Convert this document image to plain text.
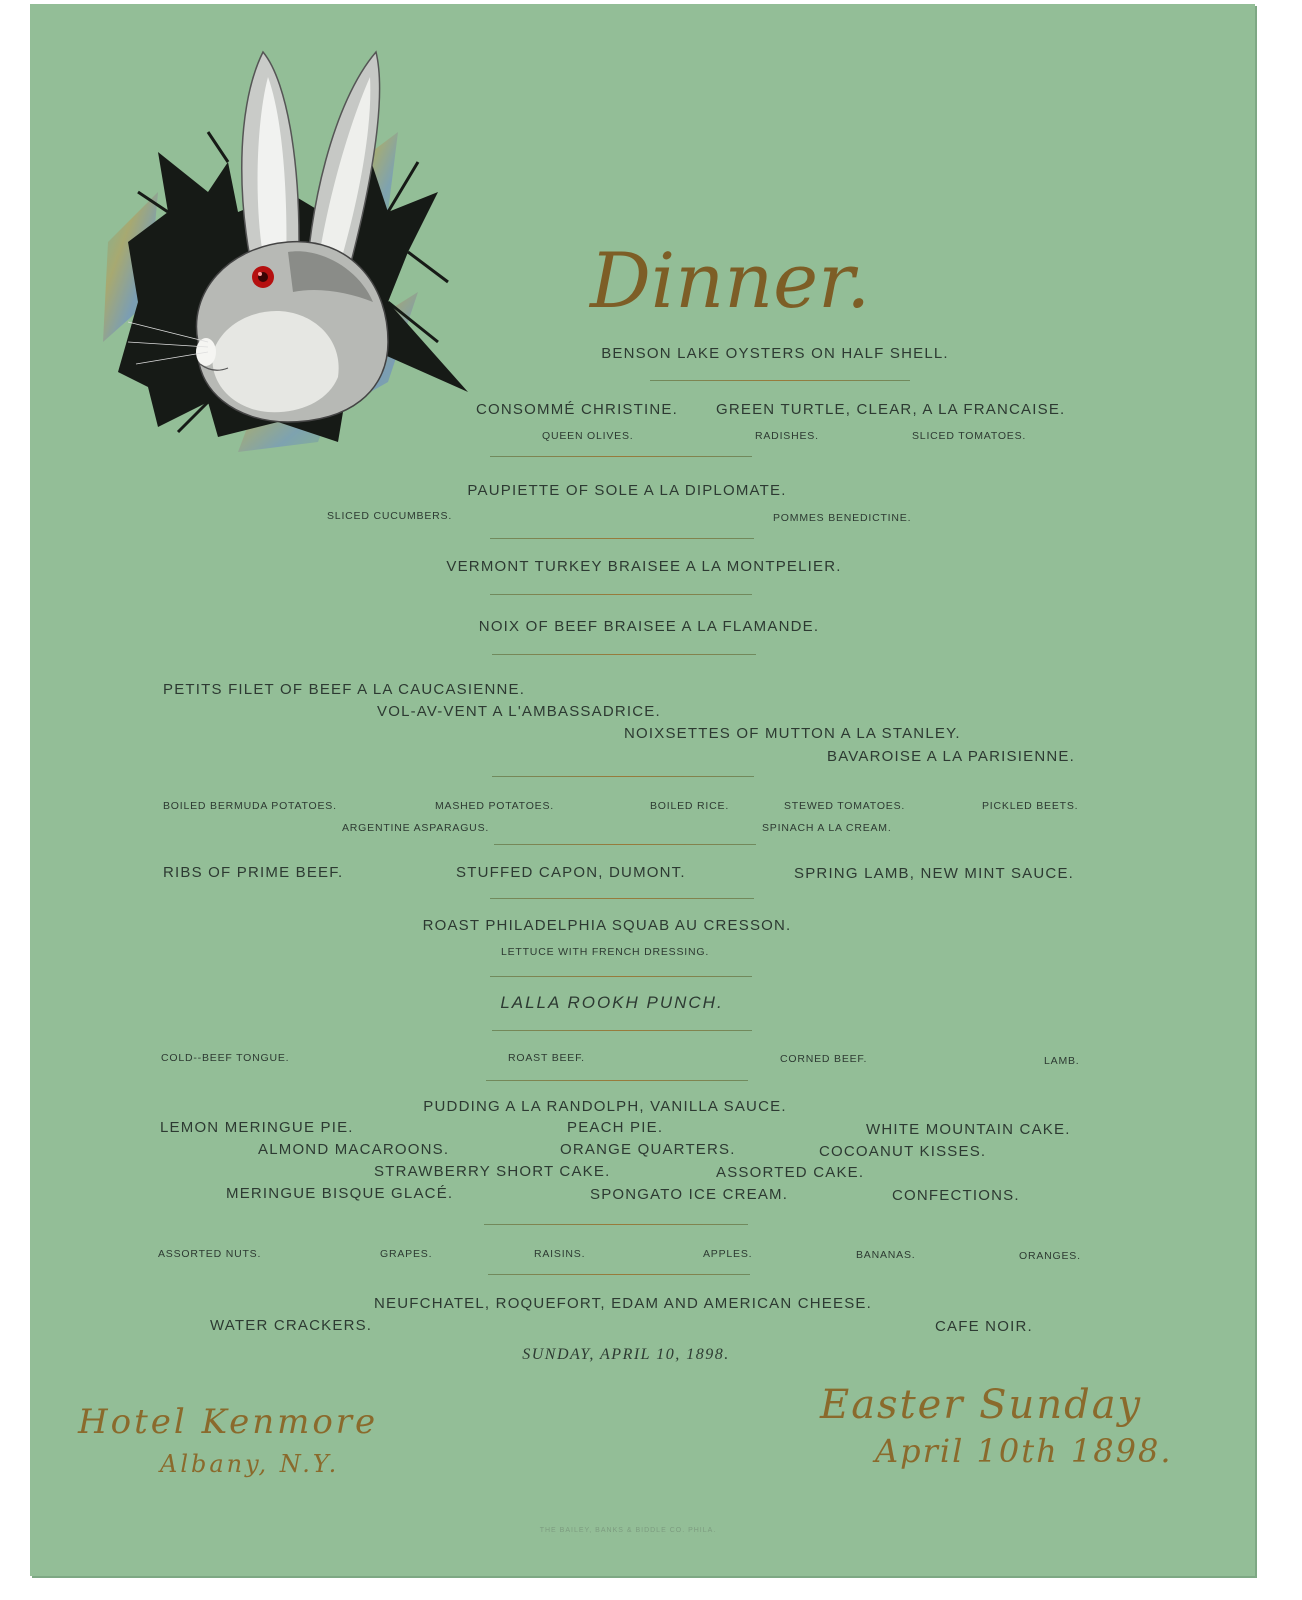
Dinner.
BENSON LAKE OYSTERS ON HALF SHELL.
CONSOMMÉ CHRISTINE.	GREEN TURTLE, CLEAR, A LA FRANCAISE.
QUEEN OLIVES.	RADISHES.	SLICED TOMATOES.
PAUPIETTE OF SOLE A LA DIPLOMATE.
SLICED CUCUMBERS.	POMMES BENEDICTINE.
VERMONT TURKEY BRAISEE A LA MONTPELIER.
NOIX OF BEEF BRAISEE A LA FLAMANDE.
PETITS FILET OF BEEF A LA CAUCASIENNE.
VOL-AV-VENT A L'AMBASSADRICE.
NOIXSETTES OF MUTTON A LA STANLEY.
BAVAROISE A LA PARISIENNE.
BOILED BERMUDA POTATOES.	MASHED POTATOES.	BOILED RICE.	STEWED TOMATOES.	PICKLED BEETS.
ARGENTINE ASPARAGUS.	SPINACH A LA CREAM.
RIBS OF PRIME BEEF.	STUFFED CAPON, DUMONT.	SPRING LAMB, NEW MINT SAUCE.
ROAST PHILADELPHIA SQUAB AU CRESSON.
LETTUCE WITH FRENCH DRESSING.
LALLA ROOKH PUNCH.
COLD--BEEF TONGUE.	ROAST BEEF.	CORNED BEEF.	LAMB.
PUDDING A LA RANDOLPH, VANILLA SAUCE.
LEMON MERINGUE PIE.	PEACH PIE.	WHITE MOUNTAIN CAKE.
ALMOND MACAROONS.	ORANGE QUARTERS.	COCOANUT KISSES.
STRAWBERRY SHORT CAKE.	ASSORTED CAKE.
MERINGUE BISQUE GLACÉ.	SPONGATO ICE CREAM.	CONFECTIONS.
ASSORTED NUTS.	GRAPES.	RAISINS.	APPLES.	BANANAS.	ORANGES.
NEUFCHATEL, ROQUEFORT, EDAM AND AMERICAN CHEESE.
WATER CRACKERS.	CAFE NOIR.
SUNDAY, APRIL 10, 1898.
Hotel Kenmore
Albany, N.Y.
Easter Sunday
April 10th 1898.
THE BAILEY, BANKS & BIDDLE CO. PHILA.
